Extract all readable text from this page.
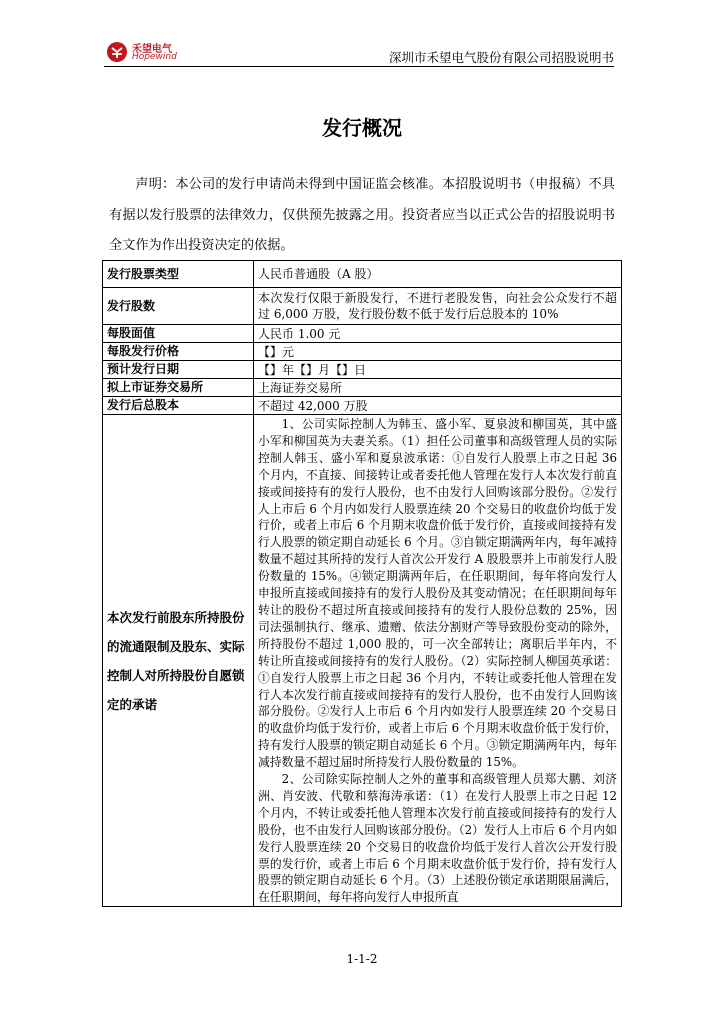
禾望电气
Hopewind	深圳市禾望电气股份有限公司招股说明书
发行概况
声明：本公司的发行申请尚未得到中国证监会核准。本招股说明书（申报稿）不具有据以发行股票的法律效力，仅供预先披露之用。投资者应当以正式公告的招股说明书全文作为作出投资决定的依据。
发行股票类型	人民币普通股（A 股）
发行股数	本次发行仅限于新股发行，不进行老股发售，向社会公众发行不超过 6,000 万股，发行股份数不低于发行后总股本的 10%
每股面值	人民币 1.00 元
每股发行价格	【】元
预计发行日期	【】年【】月【】日
拟上市证券交易所	上海证券交易所
发行后总股本	不超过 42,000 万股
本次发行前股东所持股份的流通限制及股东、实际控制人对所持股份自愿锁定的承诺	1、公司实际控制人为韩玉、盛小军、夏泉波和柳国英，其中盛小军和柳国英为夫妻关系。（1）担任公司董事和高级管理人员的实际控制人韩玉、盛小军和夏泉波承诺：①自发行人股票上市之日起 36 个月内，不直接、间接转让或者委托他人管理在发行人本次发行前直接或间接持有的发行人股份，也不由发行人回购该部分股份。②发行人上市后 6 个月内如发行人股票连续 20 个交易日的收盘价均低于发行价，或者上市后 6 个月期末收盘价低于发行价，直接或间接持有发行人股票的锁定期自动延长 6 个月。③自锁定期满两年内，每年减持数量不超过其所持的发行人首次公开发行 A 股股票并上市前发行人股份数量的 15%。④锁定期满两年后，在任职期间，每年将向发行人申报所直接或间接持有的发行人股份及其变动情况；在任职期间每年转让的股份不超过所直接或间接持有的发行人股份总数的 25%，因司法强制执行、继承、遗赠、依法分割财产等导致股份变动的除外，所持股份不超过 1,000 股的，可一次全部转让；离职后半年内，不转让所直接或间接持有的发行人股份。（2）实际控制人柳国英承诺：①自发行人股票上市之日起 36 个月内，不转让或委托他人管理在发行人本次发行前直接或间接持有的发行人股份，也不由发行人回购该部分股份。②发行人上市后 6 个月内如发行人股票连续 20 个交易日的收盘价均低于发行价，或者上市后 6 个月期末收盘价低于发行价，持有发行人股票的锁定期自动延长 6 个月。③锁定期满两年内，每年减持数量不超过届时所持发行人股份数量的 15%。

2、公司除实际控制人之外的董事和高级管理人员郑大鹏、刘济洲、肖安波、代敬和蔡海涛承诺：（1）在发行人股票上市之日起 12 个月内，不转让或委托他人管理本次发行前直接或间接持有的发行人股份，也不由发行人回购该部分股份。（2）发行人上市后 6 个月内如发行人股票连续 20 个交易日的收盘价均低于发行人首次公开发行股票的发行价，或者上市后 6 个月期末收盘价低于发行价，持有发行人股票的锁定期自动延长 6 个月。（3）上述股份锁定承诺期限届满后，在任职期间，每年将向发行人申报所直

1-1-2
